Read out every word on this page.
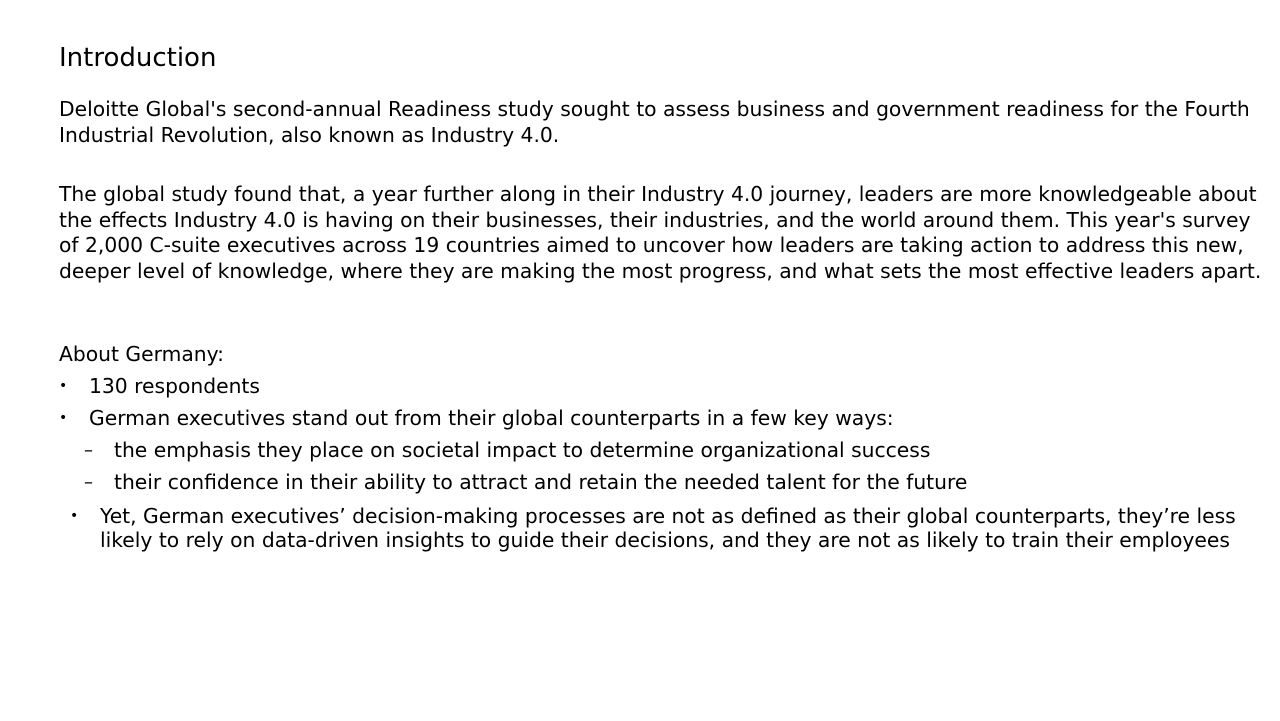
Introduction

Deloitte Global's second-annual Readiness study sought to assess business and government readiness for the Fourth Industrial Revolution, also known as Industry 4.0.

The global study found that, a year further along in their Industry 4.0 journey, leaders are more knowledgeable about the effects Industry 4.0 is having on their businesses, their industries, and the world around them. This year's survey of 2,000 C-suite executives across 19 countries aimed to uncover how leaders are taking action to address this new, deeper level of knowledge, where they are making the most progress, and what sets the most effective leaders apart.

About Germany:

• 130 respondents
• German executives stand out from their global counterparts in a few key ways:
– the emphasis they place on societal impact to determine organizational success
– their confidence in their ability to attract and retain the needed talent for the future
• Yet, German executives’ decision-making processes are not as defined as their global counterparts, they’re less likely to rely on data-driven insights to guide their decisions, and they are not as likely to train their employees
